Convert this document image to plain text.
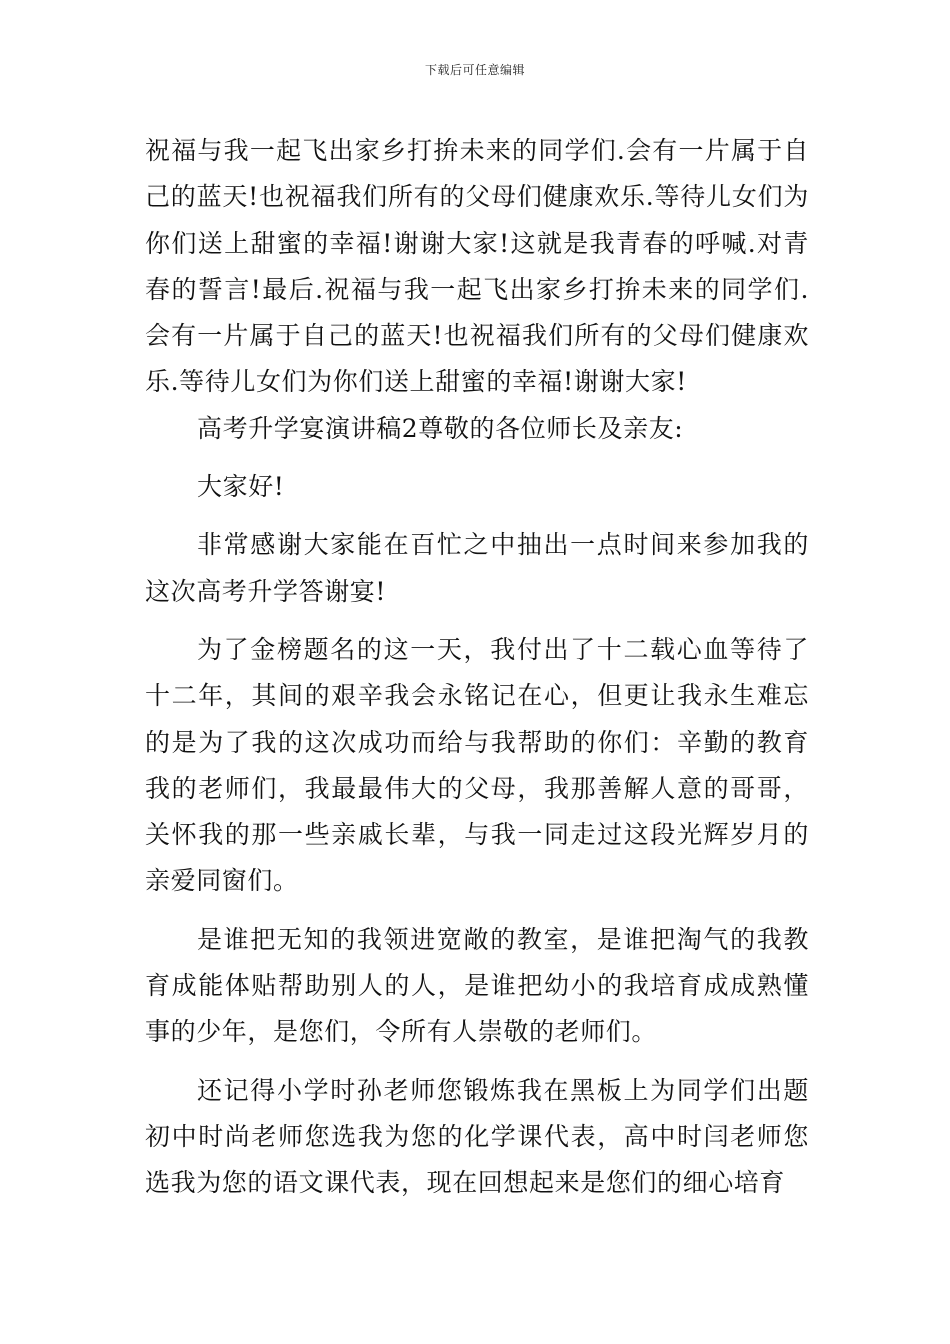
下载后可任意编辑

祝福与我一起飞出家乡打拚未来的同学们.会有一片属于自己的蓝天!也祝福我们所有的父母们健康欢乐.等待儿女们为你们送上甜蜜的幸福!谢谢大家!这就是我青春的呼喊.对青春的誓言!最后.祝福与我一起飞出家乡打拚未来的同学们.会有一片属于自己的蓝天!也祝福我们所有的父母们健康欢乐.等待儿女们为你们送上甜蜜的幸福!谢谢大家!

高考升学宴演讲稿2尊敬的各位师长及亲友:

大家好!

非常感谢大家能在百忙之中抽出一点时间来参加我的这次高考升学答谢宴!

为了金榜题名的这一天，我付出了十二载心血等待了十二年，其间的艰辛我会永铭记在心，但更让我永生难忘的是为了我的这次成功而给与我帮助的你们：辛勤的教育我的老师们，我最最伟大的父母，我那善解人意的哥哥，关怀我的那一些亲戚长辈，与我一同走过这段光辉岁月的亲爱同窗们。

是谁把无知的我领进宽敞的教室，是谁把淘气的我教育成能体贴帮助别人的人，是谁把幼小的我培育成成熟懂事的少年，是您们，令所有人崇敬的老师们。

还记得小学时孙老师您锻炼我在黑板上为同学们出题初中时尚老师您选我为您的化学课代表，高中时闫老师您选我为您的语文课代表，现在回想起来是您们的细心培育
